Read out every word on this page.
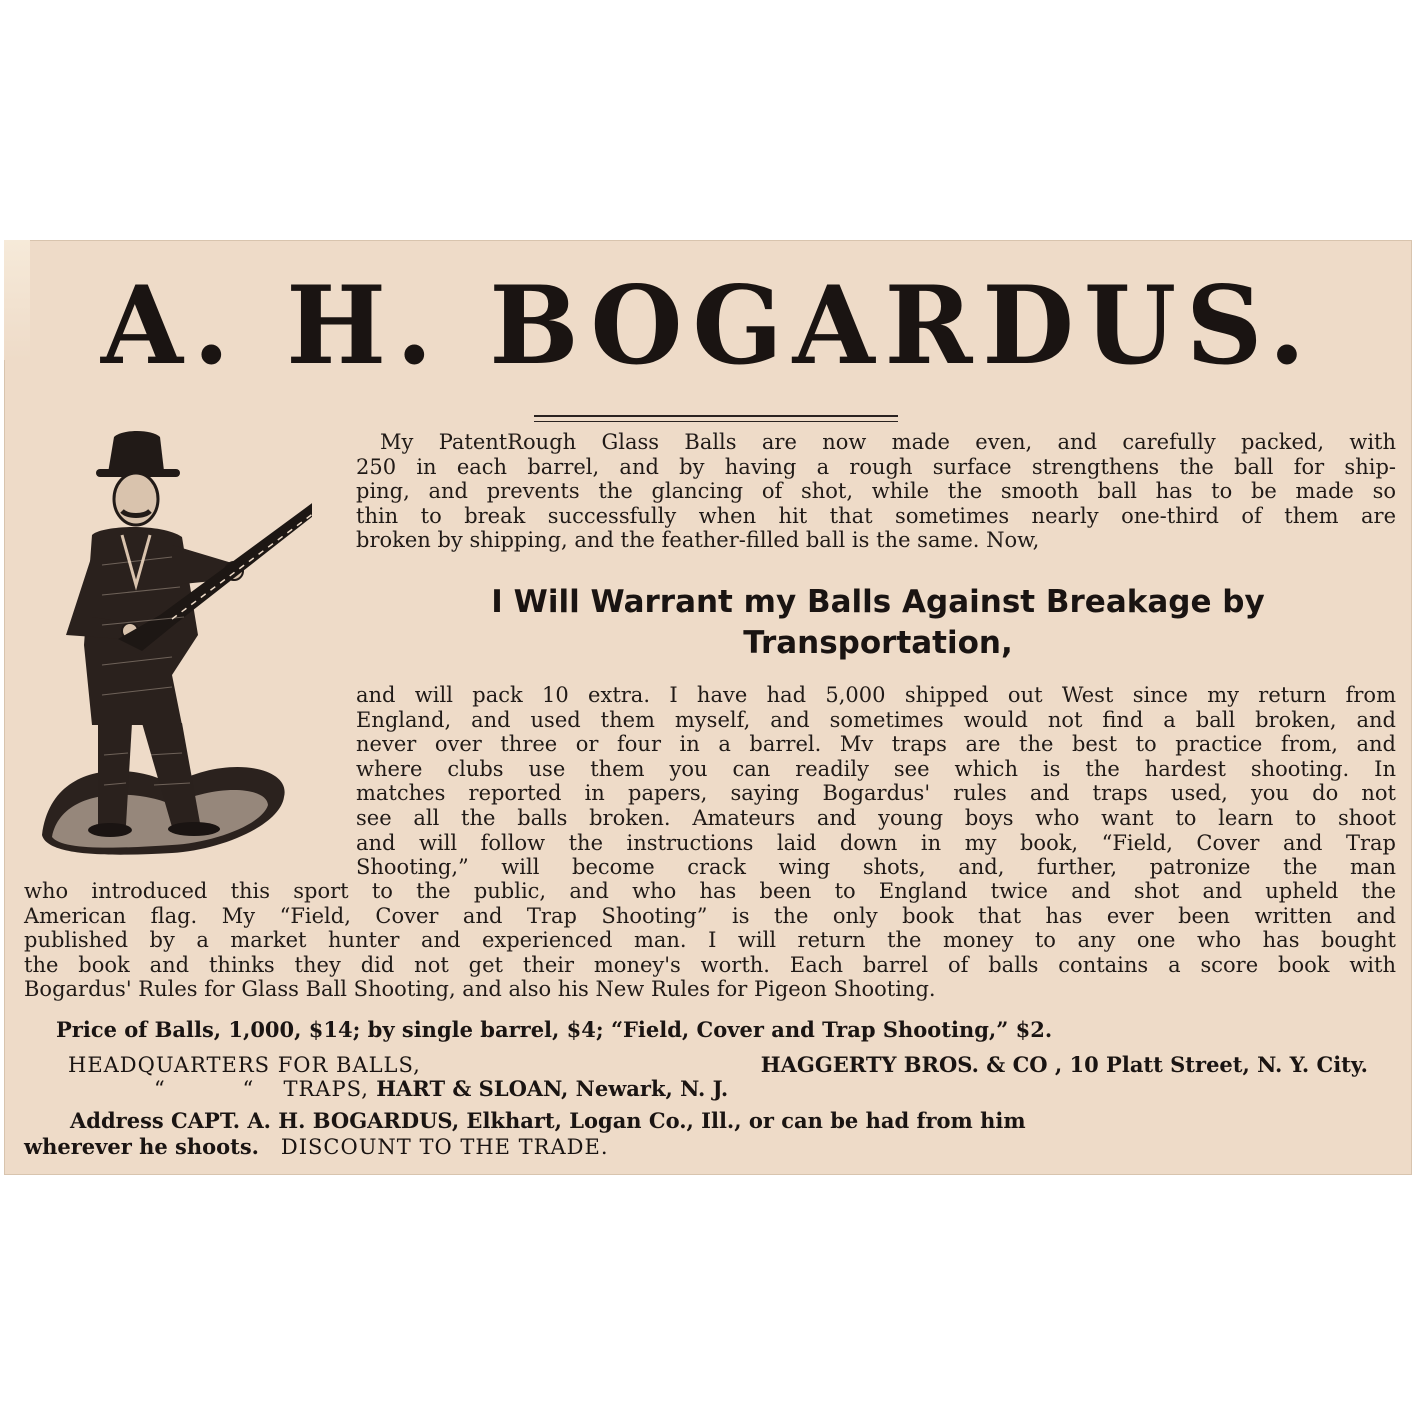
A. H. BOGARDUS.
My PatentRough Glass Balls are now made even, and carefully packed, with
250 in each barrel, and by having a rough surface strengthens the ball for ship-
ping, and prevents the glancing of shot, while the smooth ball has to be made so
thin to break successfully when hit that sometimes nearly one-third of them are
broken by shipping, and the feather-filled ball is the same. Now,
I Will Warrant my Balls Against Breakage by
Transportation,
and will pack 10 extra. I have had 5,000 shipped out West since my return from
England, and used them myself, and sometimes would not find a ball broken, and
never over three or four in a barrel. Mv traps are the best to practice from, and
where clubs use them you can readily see which is the hardest shooting. In
matches reported in papers, saying Bogardus' rules and traps used, you do not
see all the balls broken. Amateurs and young boys who want to learn to shoot
and will follow the instructions laid down in my book, “Field, Cover and Trap
Shooting,” will become crack wing shots, and, further, patronize the man
who introduced this sport to the public, and who has been to England twice and shot and upheld the
American flag. My “Field, Cover and Trap Shooting” is the only book that has ever been written and
published by a market hunter and experienced man. I will return the money to any one who has bought
the book and thinks they did not get their money's worth. Each barrel of balls contains a score book with
Bogardus' Rules for Glass Ball Shooting, and also his New Rules for Pigeon Shooting.
Price of Balls, 1,000, $14; by single barrel, $4; “Field, Cover and Trap Shooting,” $2.
HEADQUARTERS FOR BALLS,	HAGGERTY BROS. & CO , 10 Platt Street, N. Y. City.
“          “ TRAPS, HART & SLOAN, Newark, N. J.
Address CAPT. A. H. BOGARDUS, Elkhart, Logan Co., Ill., or can be had from him
wherever he shoots. DISCOUNT TO THE TRADE.
